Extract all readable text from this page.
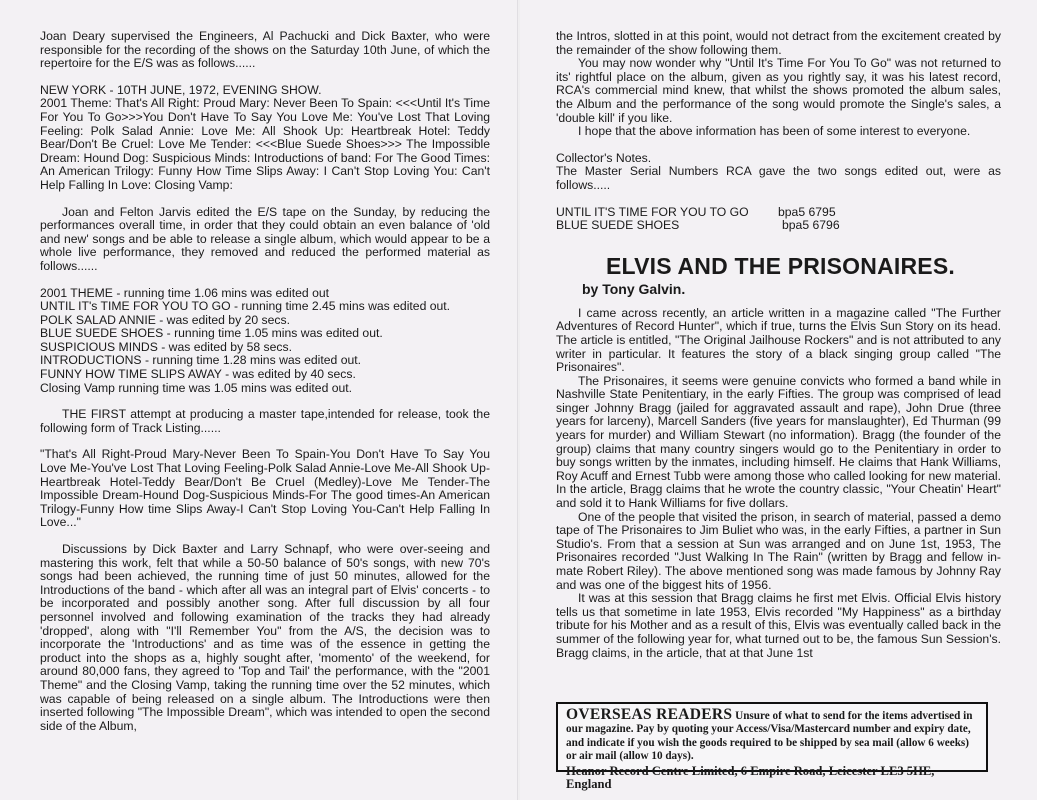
Joan Deary supervised the Engineers, Al Pachucki and Dick Baxter, who were responsible for the recording of the shows on the Saturday 10th June, of which the repertoire for the E/S was as follows......

NEW YORK - 10TH JUNE, 1972, EVENING SHOW.

2001 Theme: That's All Right: Proud Mary: Never Been To Spain: <<<Until It's Time For You To Go>>>You Don't Have To Say You Love Me: You've Lost That Loving Feeling: Polk Salad Annie: Love Me: All Shook Up: Heartbreak Hotel: Teddy Bear/Don't Be Cruel: Love Me Tender: <<<Blue Suede Shoes>>> The Impossible Dream: Hound Dog: Suspicious Minds: Introductions of band: For The Good Times: An American Trilogy: Funny How Time Slips Away: I Can't Stop Loving You: Can't Help Falling In Love: Closing Vamp:

Joan and Felton Jarvis edited the E/S tape on the Sunday, by reducing the performances overall time, in order that they could obtain an even balance of 'old and new' songs and be able to release a single album, which would appear to be a whole live performance, they removed and reduced the performed material as follows......

2001 THEME - running time 1.06 mins was edited out

UNTIL IT's TIME FOR YOU TO GO - running time 2.45 mins was edited out.

POLK SALAD ANNIE - was edited by 20 secs.

BLUE SUEDE SHOES - running time 1.05 mins was edited out.

SUSPICIOUS MINDS - was edited by 58 secs.

INTRODUCTIONS - running time 1.28 mins was edited out.

FUNNY HOW TIME SLIPS AWAY - was edited by 40 secs.

Closing Vamp running time was 1.05 mins was edited out.

THE FIRST attempt at producing a master tape,intended for release, took the following form of Track Listing......

"That's All Right-Proud Mary-Never Been To Spain-You Don't Have To Say You Love Me-You've Lost That Loving Feeling-Polk Salad Annie-Love Me-All Shook Up-Heartbreak Hotel-Teddy Bear/Don't Be Cruel (Medley)-Love Me Tender-The Impossible Dream-Hound Dog-Suspicious Minds-For The good times-An American Trilogy-Funny How time Slips Away-I Can't Stop Loving You-Can't Help Falling In Love..."

Discussions by Dick Baxter and Larry Schnapf, who were over-seeing and mastering this work, felt that while a 50-50 balance of 50's songs, with new 70's songs had been achieved, the running time of just 50 minutes, allowed for the Introductions of the band - which after all was an integral part of Elvis' concerts - to be incorporated and possibly another song. After full discussion by all four personnel involved and following examination of the tracks they had already 'dropped', along with "I'll Remember You" from the A/S, the decision was to incorporate the 'Introductions' and as time was of the essence in getting the product into the shops as a, highly sought after, 'momento' of the weekend, for around 80,000 fans, they agreed to 'Top and Tail' the performance, with the "2001 Theme" and the Closing Vamp, taking the running time over the 52 minutes, which was capable of being released on a single album. The Introductions were then inserted following "The Impossible Dream", which was intended to open the second side of the Album,

the Intros, slotted in at this point, would not detract from the excitement created by the remainder of the show following them.

You may now wonder why "Until It's Time For You To Go" was not returned to its' rightful place on the album, given as you rightly say, it was his latest record, RCA's commercial mind knew, that whilst the shows promoted the album sales, the Album and the performance of the song would promote the Single's sales, a 'double kill' if you like.

I hope that the above information has been of some interest to everyone.

Collector's Notes.

The Master Serial Numbers RCA gave the two songs edited out, were as follows.....

UNTIL IT'S TIME FOR YOU TO GO	bpa5 6795
BLUE SUEDE SHOES	bpa5 6796
ELVIS AND THE PRISONAIRES.
by Tony Galvin.

I came across recently, an article written in a magazine called "The Further Adventures of Record Hunter", which if true, turns the Elvis Sun Story on its head. The article is entitled, "The Original Jailhouse Rockers" and is not attributed to any writer in particular. It features the story of a black singing group called "The Prisonaires".

The Prisonaires, it seems were genuine convicts who formed a band while in Nashville State Penitentiary, in the early Fifties. The group was comprised of lead singer Johnny Bragg (jailed for aggravated assault and rape), John Drue (three years for larceny), Marcell Sanders (five years for manslaughter), Ed Thurman (99 years for murder) and William Stewart (no information). Bragg (the founder of the group) claims that many country singers would go to the Penitentiary in order to buy songs written by the inmates, including himself. He claims that Hank Williams, Roy Acuff and Ernest Tubb were among those who called looking for new material. In the article, Bragg claims that he wrote the country classic, "Your Cheatin' Heart" and sold it to Hank Williams for five dollars.

One of the people that visited the prison, in search of material, passed a demo tape of The Prisonaires to Jim Buliet who was, in the early Fifties, a partner in Sun Studio's. From that a session at Sun was arranged and on June 1st, 1953, The Prisonaires recorded "Just Walking In The Rain" (written by Bragg and fellow in-mate Robert Riley). The above mentioned song was made famous by Johnny Ray and was one of the biggest hits of 1956.

It was at this session that Bragg claims he first met Elvis. Official Elvis history tells us that sometime in late 1953, Elvis recorded "My Happiness" as a birthday tribute for his Mother and as a result of this, Elvis was eventually called back in the summer of the following year for, what turned out to be, the famous Sun Session's. Bragg claims, in the article, that at that June 1st

OVERSEAS READERS Unsure of what to send for the items advertised in our magazine. Pay by quoting your Access/Visa/Mastercard number and expiry date, and indicate if you wish the goods required to be shipped by sea mail (allow 6 weeks) or air mail (allow 10 days).
Heanor Record Centre Limited, 6 Empire Road, Leicester LE3 5HE, England
